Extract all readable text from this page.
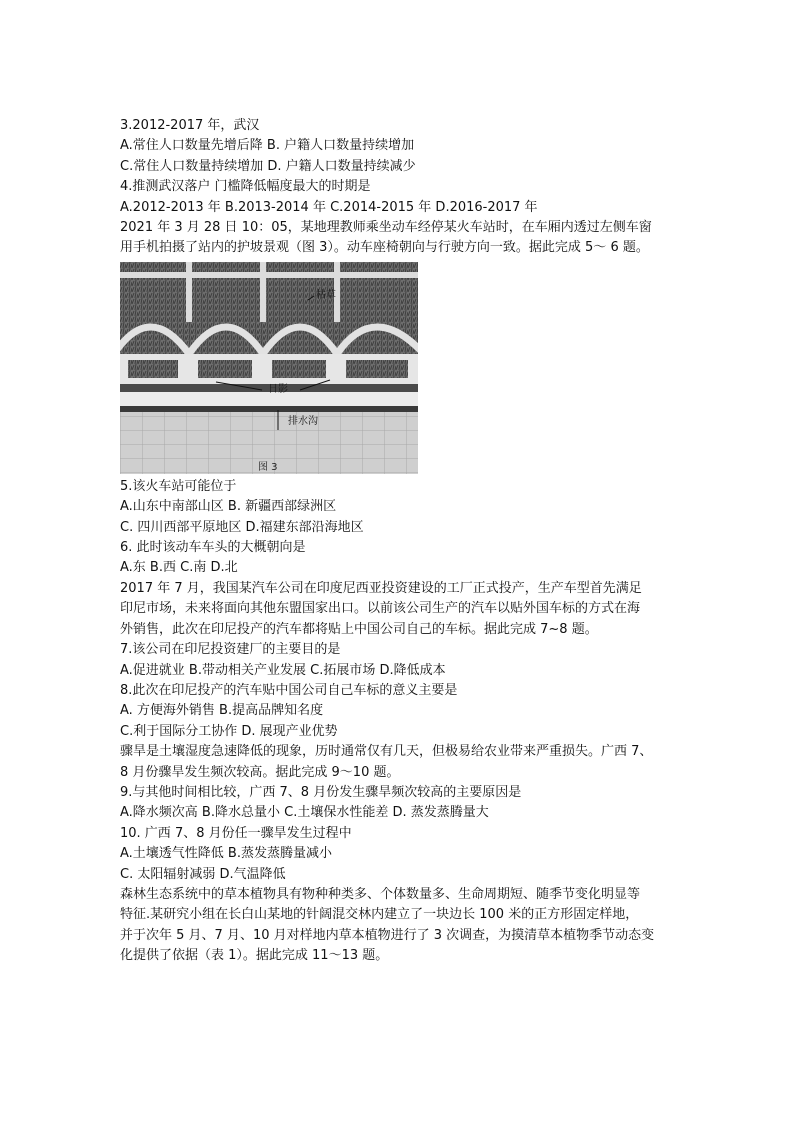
3.2012-2017 年，武汉
A.常住人口数量先增后降 B. 户籍人口数量持续增加
C.常住人口数量持续增加 D. 户籍人口数量持续减少
4.推测武汉落户 门槛降低幅度最大的时期是
A.2012-2013 年 B.2013-2014 年 C.2014-2015 年 D.2016-2017 年
2021 年 3 月 28 日 10：05，某地理教师乘坐动车经停某火车站时，在车厢内透过左侧车窗
用手机拍摄了站内的护坡景观（图 3）。动车座椅朝向与行驶方向一致。据此完成 5～ 6 题。
枯草
日影
排水沟
图 3
5.该火车站可能位于
A.山东中南部山区 B. 新疆西部绿洲区
C. 四川西部平原地区 D.福建东部沿海地区
6. 此时该动车车头的大概朝向是
A.东 B.西 C.南 D.北
2017 年 7 月，我国某汽车公司在印度尼西亚投资建设的工厂正式投产，生产车型首先满足
印尼市场，未来将面向其他东盟国家出口。以前该公司生产的汽车以贴外国车标的方式在海
外销售，此次在印尼投产的汽车都将贴上中国公司自己的车标。据此完成 7~8 题。
7.该公司在印尼投资建厂的主要目的是
A.促进就业 B.带动相关产业发展 C.拓展市场 D.降低成本
8.此次在印尼投产的汽车贴中国公司自己车标的意义主要是
A. 方便海外销售 B.提高品牌知名度
C.利于国际分工协作 D. 展现产业优势
骤旱是土壤湿度急速降低的现象，历时通常仅有几天，但极易给农业带来严重损失。广西 7、
8 月份骤旱发生频次较高。据此完成 9～10 题。
9.与其他时间相比较，广西 7、8 月份发生骤旱频次较高的主要原因是
A.降水频次高 B.降水总量小 C.土壤保水性能差 D. 蒸发蒸腾量大
10. 广西 7、8 月份任一骤旱发生过程中
A.土壤透气性降低 B.蒸发蒸腾量减小
C. 太阳辐射减弱 D.气温降低
森林生态系统中的草本植物具有物种种类多、个体数量多、生命周期短、随季节变化明显等
特征.某研究小组在长白山某地的针阔混交林内建立了一块边长 100 米的正方形固定样地，
并于次年 5 月、7 月、10 月对样地内草本植物进行了 3 次调查，为摸清草本植物季节动态变
化提供了依据（表 1）。据此完成 11～13 题。
